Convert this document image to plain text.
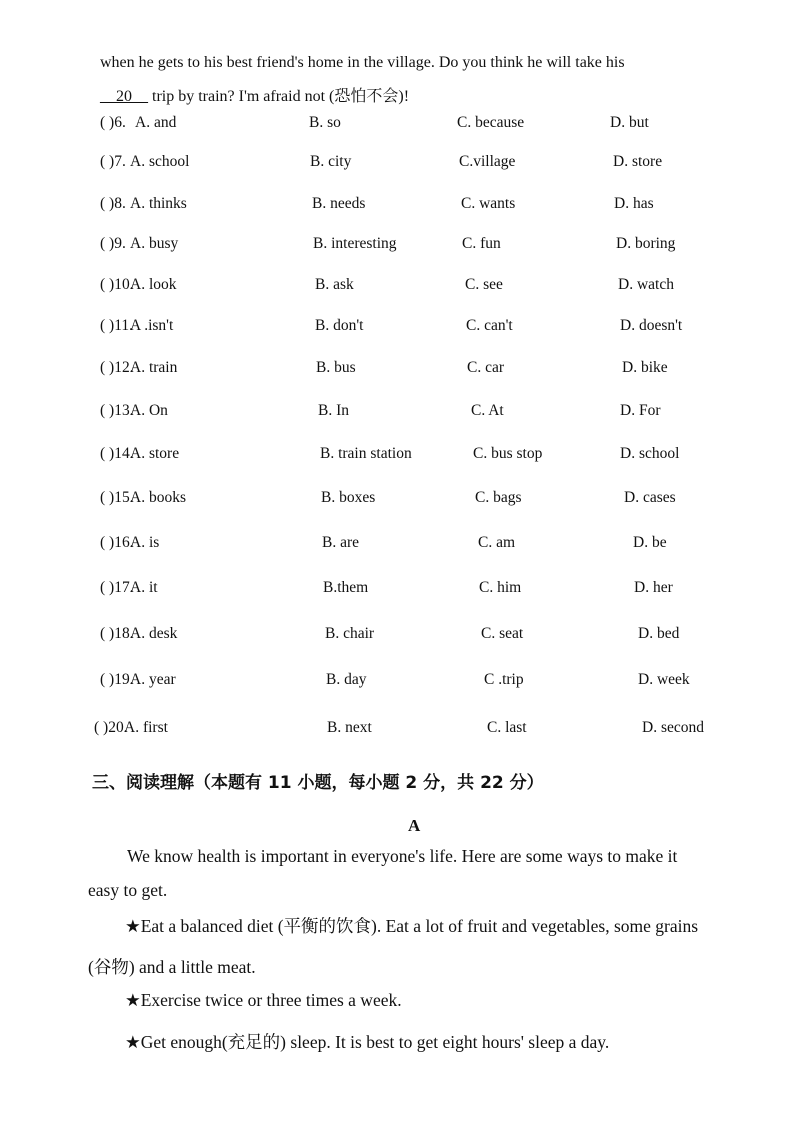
when he gets to his best friend's home in the village. Do you think he will take his
__20__ trip by train? I'm afraid not (恐怕不会)!
( )6. A. and	B. so	C. because	D. but
( )7. A. school	B. city	C.village	D. store
( )8. A. thinks	B. needs	C. wants	D. has
( )9. A. busy	B. interesting	C. fun	D. boring
( )10.
A. look	B. ask	C. see	D. watch
( )11.
A .isn't	B. don't	C. can't	D. doesn't
( )12.
A. train	B. bus	C. car	D. bike
( )13.
A. On	B. In	C. At	D. For
( )14.
A. store	B. train station	C. bus stop	D. school
( )15.
A. books	B. boxes	C. bags	D. cases
( )16.
A. is	B. are	C. am	D. be
( )17.
A. it	B.them	C. him	D. her
( )18.
A. desk	B. chair	C. seat	D. bed
( )19.
A. year	B. day	C .trip	D. week
( )20.
A. first	B. next	C. last	D. second
三、阅读理解（本题有 11 小题，每小题 2 分，共 22 分）
A
We know health is important in everyone's life. Here are some ways to make it
easy to get.
★Eat a balanced diet (平衡的饮食). Eat a lot of fruit and vegetables, some grains
(谷物) and a little meat.
★Exercise twice or three times a week.
★Get enough(充足的) sleep. It is best to get eight hours' sleep a day.
